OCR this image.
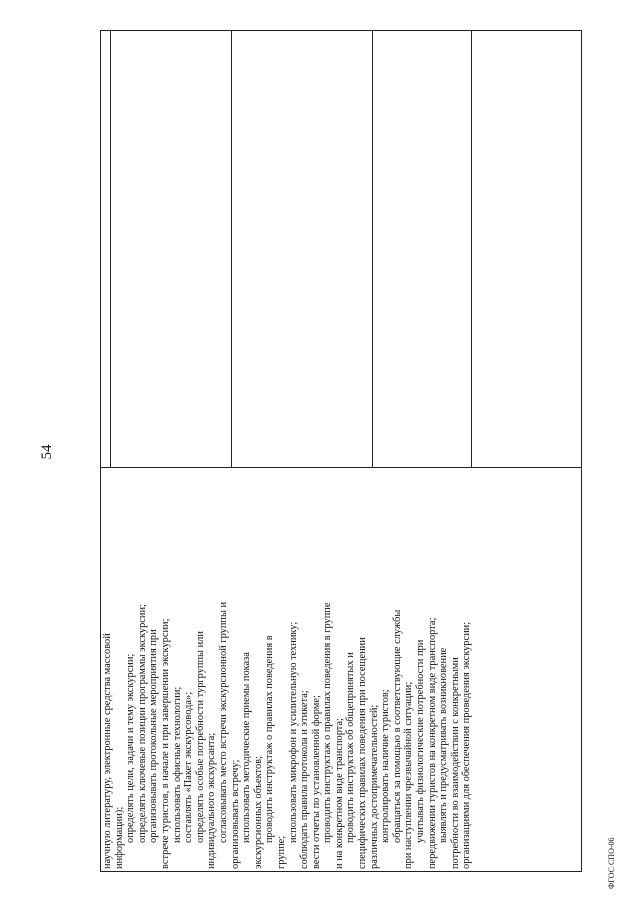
54
научную литературу, электронные средства массовой информации); определять цели, задачи и тему экскурсии; определять ключевые позиции программы экскурсии; организовывать протокольные мероприятия при встрече туристов, в начале и при завершении экскурсии; использовать офисные технологии; составлять «Пакет экскурсовода»; определять особые потребности тургруппы или индивидуального экскурсанта; согласовывать место встречи экскурсионной группы и организовывать встречу; использовать методические приемы показа экскурсионных объектов; проводить инструктаж о правилах поведения в
группе;
использовать микрофон и усилительную технику; соблюдать правила протокола и этикета; вести отчеты по установленной форме; проводить инструктаж о правилах поведения в группе и на конкретном виде транспорта; проводить инструктаж об общепринятых и специфических правилах поведения при посещении различных достопримечательностей; контролировать наличие туристов; обращаться за помощью в соответствующие службы при наступлении чрезвычайной ситуации; учитывать физиологические потребности при передвижении туристов на конкретном виде транспорта; выявлять и предусматривать возникновение потребности во взаимодействии с конкретными организациями для обеспечения проведения экскурсии;	ФГОС СПО-06
